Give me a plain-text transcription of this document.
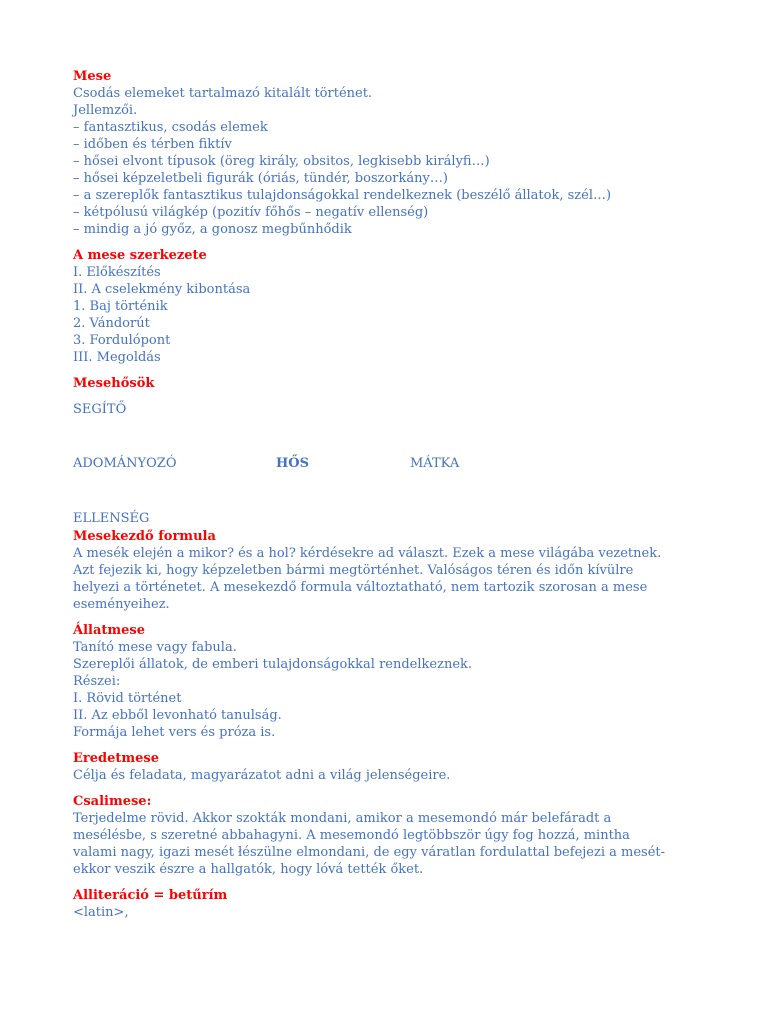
Mese
Csodás elemeket tartalmazó kitalált történet.
Jellemzői.
– fantasztikus, csodás elemek
– időben és térben fiktív
– hősei elvont típusok (öreg király, obsitos, legkisebb királyfi…)
– hősei képzeletbeli figurák (óriás, tündér, boszorkány…)
– a szereplők fantasztikus tulajdonságokkal rendelkeznek (beszélő állatok, szél…)
– kétpólusú világkép (pozitív főhős – negatív ellenség)
– mindig a jó győz, a gonosz megbűnhődik
A mese szerkezete
I. Előkészítés
II. A cselekmény kibontása
1. Baj történik
2. Vándorút
3. Fordulópont
III. Megoldás
Mesehősök
SEGÍTŐ
ADOMÁNYOZÓ	HŐS	MÁTKA
ELLENSÉG
Mesekezdő formula
A mesék elején a mikor? és a hol? kérdésekre ad választ. Ezek a mese világába vezetnek.
Azt fejezik ki, hogy képzeletben bármi megtörténhet. Valóságos téren és időn kívülre
helyezi a történetet. A mesekezdő formula változtatható, nem tartozik szorosan a mese
eseményeihez.
Állatmese
Tanító mese vagy fabula.
Szereplői állatok, de emberi tulajdonságokkal rendelkeznek.
Részei:
I. Rövid történet
II. Az ebből levonható tanulság.
Formája lehet vers és próza is.
Eredetmese
Célja és feladata, magyarázatot adni a világ jelenségeire.
Csalimese:
Terjedelme rövid. Akkor szokták mondani, amikor a mesemondó már belefáradt a
mesélésbe, s szeretné abbahagyni. A mesemondó legtöbbször úgy fog hozzá, mintha
valami nagy, igazi mesét łészülne elmondani, de egy váratlan fordulattal befejezi a mesét-
ekkor veszik észre a hallgatók, hogy lóvá tették őket.
Alliteráció = betűrím
<latin>,
